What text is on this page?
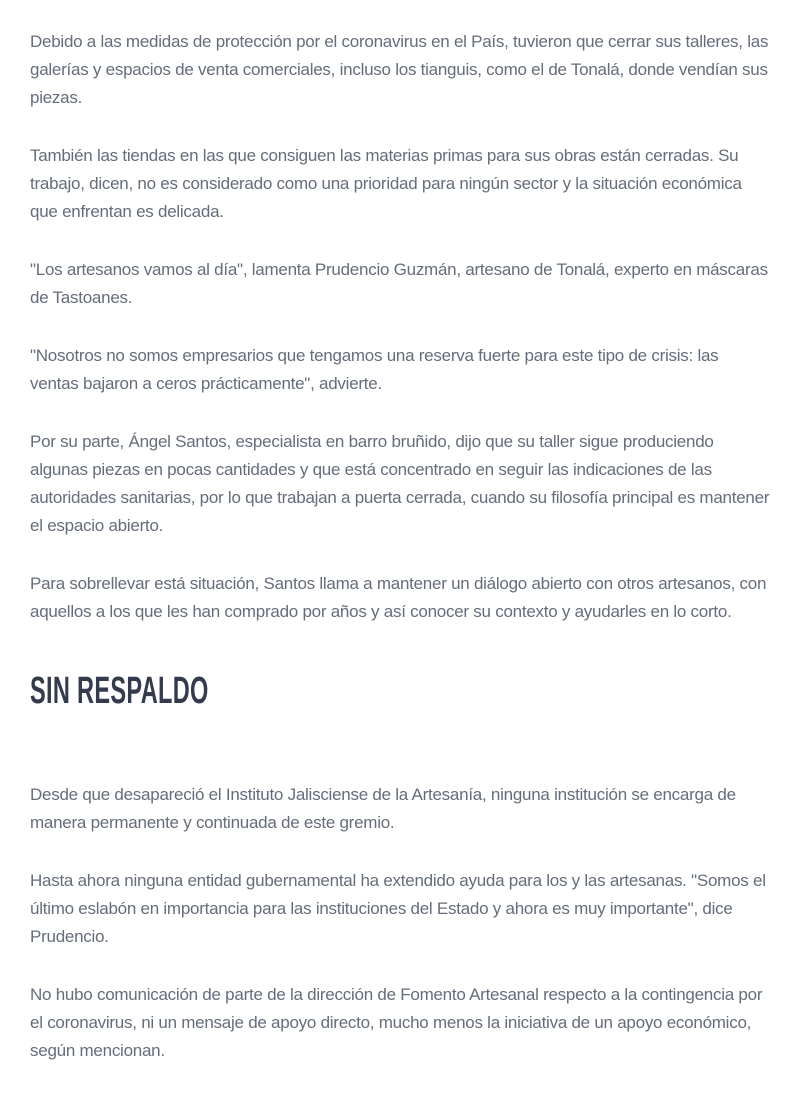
Debido a las medidas de protección por el coronavirus en el País, tuvieron que cerrar sus talleres, las galerías y espacios de venta comerciales, incluso los tianguis, como el de Tonalá, donde vendían sus piezas.

También las tiendas en las que consiguen las materias primas para sus obras están cerradas. Su trabajo, dicen, no es considerado como una prioridad para ningún sector y la situación económica que enfrentan es delicada.

"Los artesanos vamos al día", lamenta Prudencio Guzmán, artesano de Tonalá, experto en máscaras de Tastoanes.

"Nosotros no somos empresarios que tengamos una reserva fuerte para este tipo de crisis: las ventas bajaron a ceros prácticamente", advierte.

Por su parte, Ángel Santos, especialista en barro bruñido, dijo que su taller sigue produciendo algunas piezas en pocas cantidades y que está concentrado en seguir las indicaciones de las autoridades sanitarias, por lo que trabajan a puerta cerrada, cuando su filosofía principal es mantener el espacio abierto.

Para sobrellevar está situación, Santos llama a mantener un diálogo abierto con otros artesanos, con aquellos a los que les han comprado por años y así conocer su contexto y ayudarles en lo corto.

SIN RESPALDO

Desde que desapareció el Instituto Jalisciense de la Artesanía, ninguna institución se encarga de manera permanente y continuada de este gremio.

Hasta ahora ninguna entidad gubernamental ha extendido ayuda para los y las artesanas. "Somos el último eslabón en importancia para las instituciones del Estado y ahora es muy importante", dice Prudencio.

No hubo comunicación de parte de la dirección de Fomento Artesanal respecto a la contingencia por el coronavirus, ni un mensaje de apoyo directo, mucho menos la iniciativa de un apoyo económico, según mencionan.
